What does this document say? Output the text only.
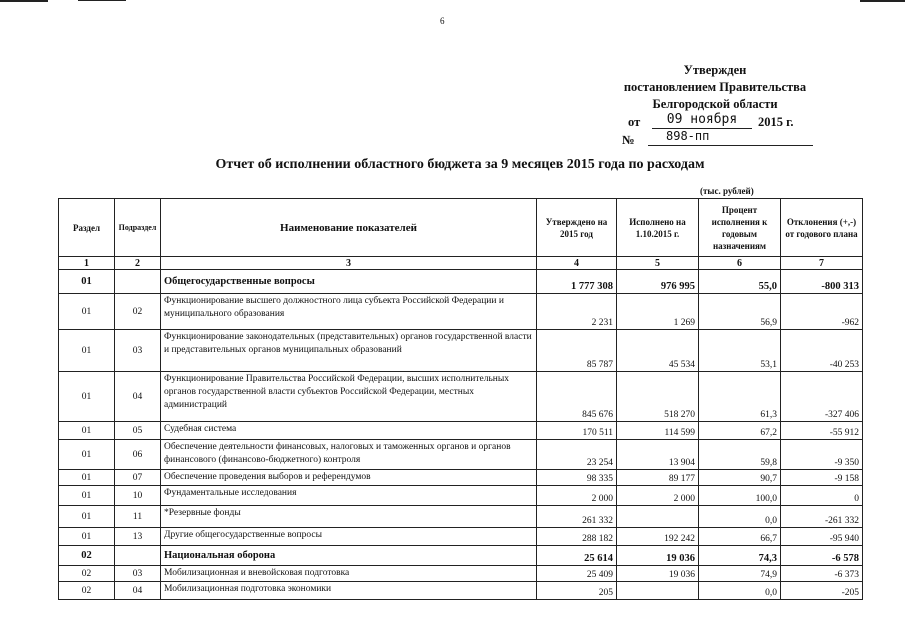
6
Утвержден
постановлением Правительства
Белгородской области
от	09 ноября	2015 г.
№	898-пп
Отчет об исполнении областного бюджета за 9 месяцев 2015 года по расходам
(тыс. рублей)
Раздел	Подраздел	Наименование показателей	Утверждено на 2015 год	Исполнено на 1.10.2015 г.	Процент исполнения к годовым назначениям	Отклонения (+,-) от годового плана
1	2	3	4	5	6	7
01		Общегосударственные вопросы	1 777 308	976 995	55,0	-800 313
01	02	Функционирование высшего должностного лица субъекта Российской Федерации и муниципального образования	2 231	1 269	56,9	-962
01	03	Функционирование законодательных (представительных) органов государственной власти и представительных органов муниципальных образований	85 787	45 534	53,1	-40 253
01	04	Функционирование Правительства Российской Федерации, высших исполнительных органов государственной власти субъектов Российской Федерации, местных администраций	845 676	518 270	61,3	-327 406
01	05	Судебная система	170 511	114 599	67,2	-55 912
01	06	Обеспечение деятельности финансовых, налоговых и таможенных органов и органов финансового (финансово-бюджетного) контроля	23 254	13 904	59,8	-9 350
01	07	Обеспечение проведения выборов и референдумов	98 335	89 177	90,7	-9 158
01	10	Фундаментальные исследования	2 000	2 000	100,0	0
01	11	*Резервные фонды	261 332		0,0	-261 332
01	13	Другие общегосударственные вопросы	288 182	192 242	66,7	-95 940
02		Национальная оборона	25 614	19 036	74,3	-6 578
02	03	Мобилизационная и вневойсковая подготовка	25 409	19 036	74,9	-6 373
02	04	Мобилизационная подготовка экономики	205		0,0	-205
